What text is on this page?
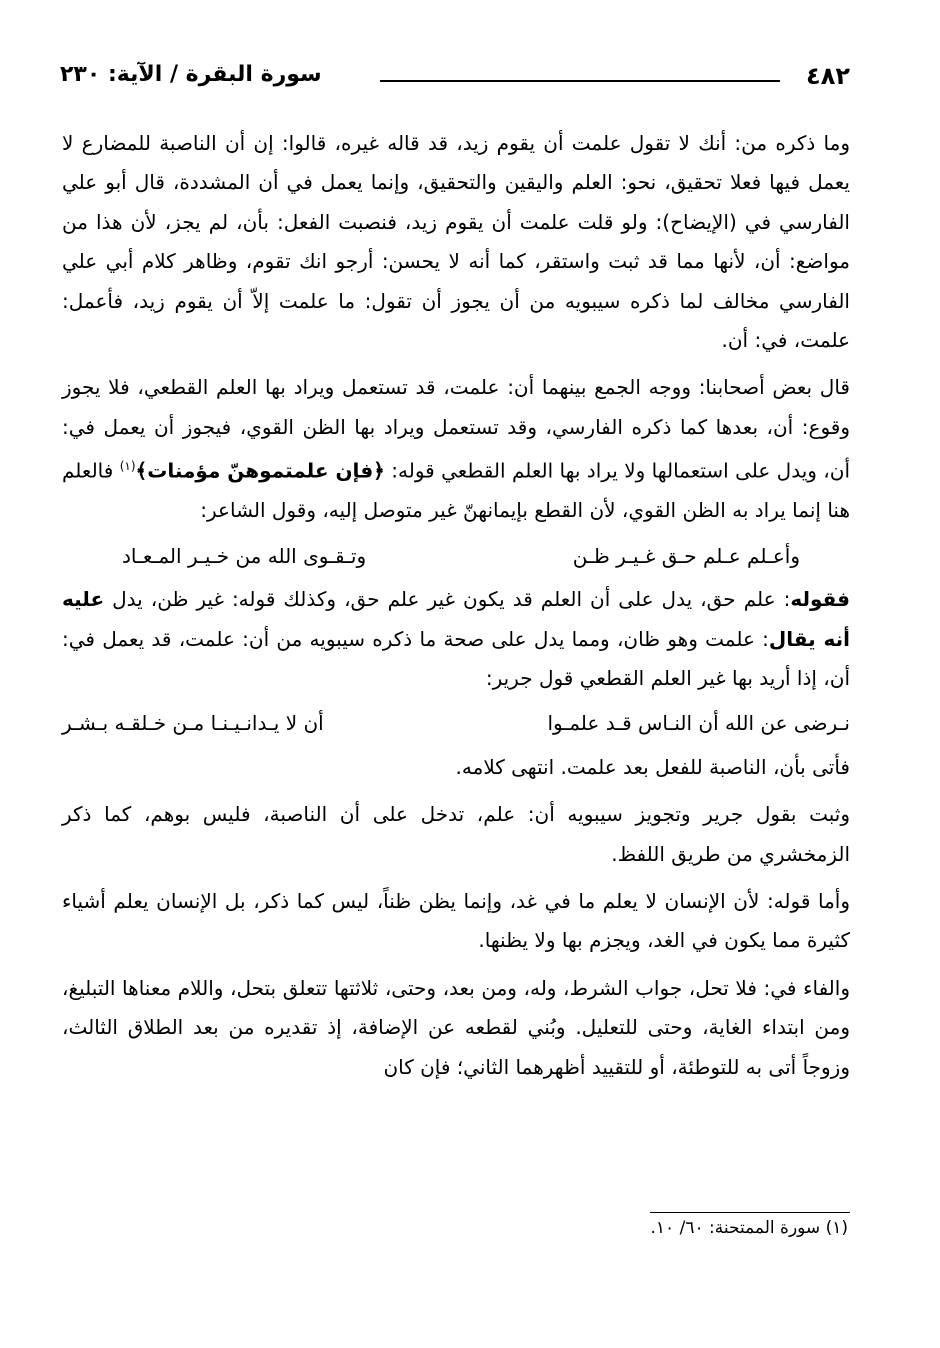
٤٨٢
سورة البقرة / الآية: ٢٣٠

وما ذكره من: أنك لا تقول علمت أن يقوم زيد، قد قاله غيره، قالوا: إن أن الناصبة للمضارع لا يعمل فيها فعلا تحقيق، نحو: العلم واليقين والتحقيق، وإنما يعمل في أن المشددة، قال أبو علي الفارسي في (الإيضاح): ولو قلت علمت أن يقوم زيد، فنصبت الفعل: بأن، لم يجز، لأن هذا من مواضع: أن، لأنها مما قد ثبت واستقر، كما أنه لا يحسن: أرجو انك تقوم، وظاهر كلام أبي علي الفارسي مخالف لما ذكره سيبويه من أن يجوز أن تقول: ما علمت إلاّ أن يقوم زيد، فأعمل: علمت، في: أن.

قال بعض أصحابنا: ووجه الجمع بينهما أن: علمت، قد تستعمل ويراد بها العلم القطعي، فلا يجوز وقوع: أن، بعدها كما ذكره الفارسي، وقد تستعمل ويراد بها الظن القوي، فيجوز أن يعمل في: أن، ويدل على استعمالها ولا يراد بها العلم القطعي قوله: ﴿فإن علمتموهنّ مؤمنات﴾$^{(١)}$ فالعلم هنا إنما يراد به الظن القوي، لأن القطع بإيمانهنّ غير متوصل إليه، وقول الشاعر:

وأعـلم عـلم حـق غـيـر ظـن
وتـقـوى الله من خـيـر المـعـاد

فقوله: علم حق، يدل على أن العلم قد يكون غير علم حق، وكذلك قوله: غير ظن، يدل عليه أنه يقال: علمت وهو ظان، ومما يدل على صحة ما ذكره سيبويه من أن: علمت، قد يعمل في: أن، إذا أريد بها غير العلم القطعي قول جرير:

نـرضى عن الله أن النـاس قـد علمـوا
أن لا يـدانـيـنـا مـن خـلقـه بـشـر

فأتى بأن، الناصبة للفعل بعد علمت. انتهى كلامه.

وثبت بقول جرير وتجويز سيبويه أن: علم، تدخل على أن الناصبة، فليس بوهم، كما ذكر الزمخشري من طريق اللفظ.

وأما قوله: لأن الإنسان لا يعلم ما في غد، وإنما يظن ظناً، ليس كما ذكر، بل الإنسان يعلم أشياء كثيرة مما يكون في الغد، ويجزم بها ولا يظنها.

والفاء في: فلا تحل، جواب الشرط، وله، ومن بعد، وحتى، ثلاثتها تتعلق بتحل، واللام معناها التبليغ، ومن ابتداء الغاية، وحتى للتعليل. وبُني لقطعه عن الإضافة، إذ تقديره من بعد الطلاق الثالث، وزوجاً أتى به للتوطئة، أو للتقييد أظهرهما الثاني؛ فإن كان

(١) سورة الممتحنة: ٦٠/ ١٠.
